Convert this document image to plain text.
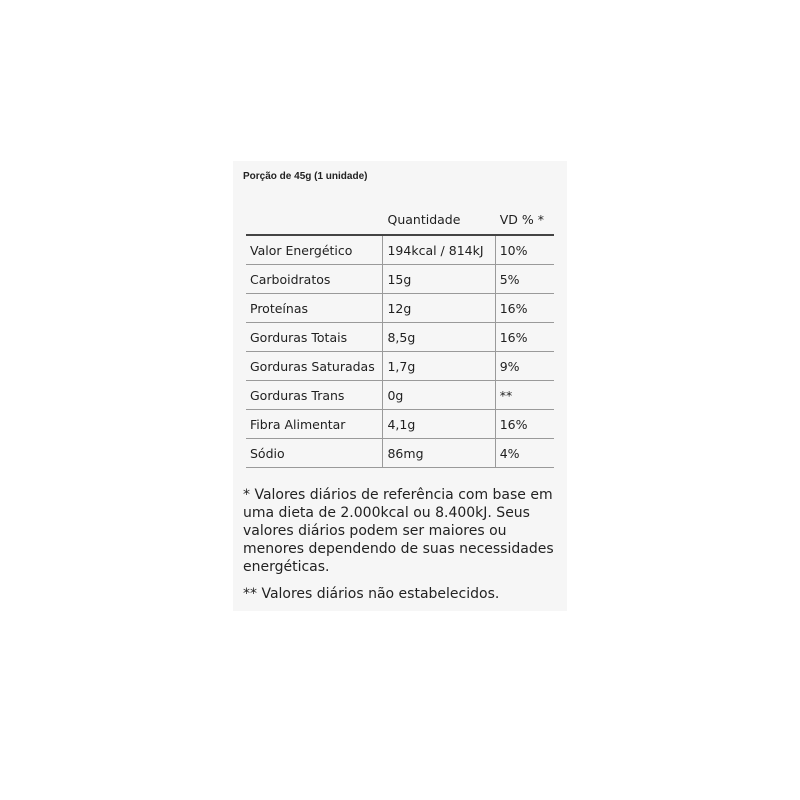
Porção de 45g (1 unidade)
	Quantidade	VD % *
Valor Energético	194kcal / 814kJ	10%
Carboidratos	15g	5%
Proteínas	12g	16%
Gorduras Totais	8,5g	16%
Gorduras Saturadas	1,7g	9%
Gorduras Trans	0g	**
Fibra Alimentar	4,1g	16%
Sódio	86mg	4%
* Valores diários de referência com base em uma dieta de 2.000kcal ou 8.400kJ. Seus valores diários podem ser maiores ou menores dependendo de suas necessidades energéticas.
** Valores diários não estabelecidos.
